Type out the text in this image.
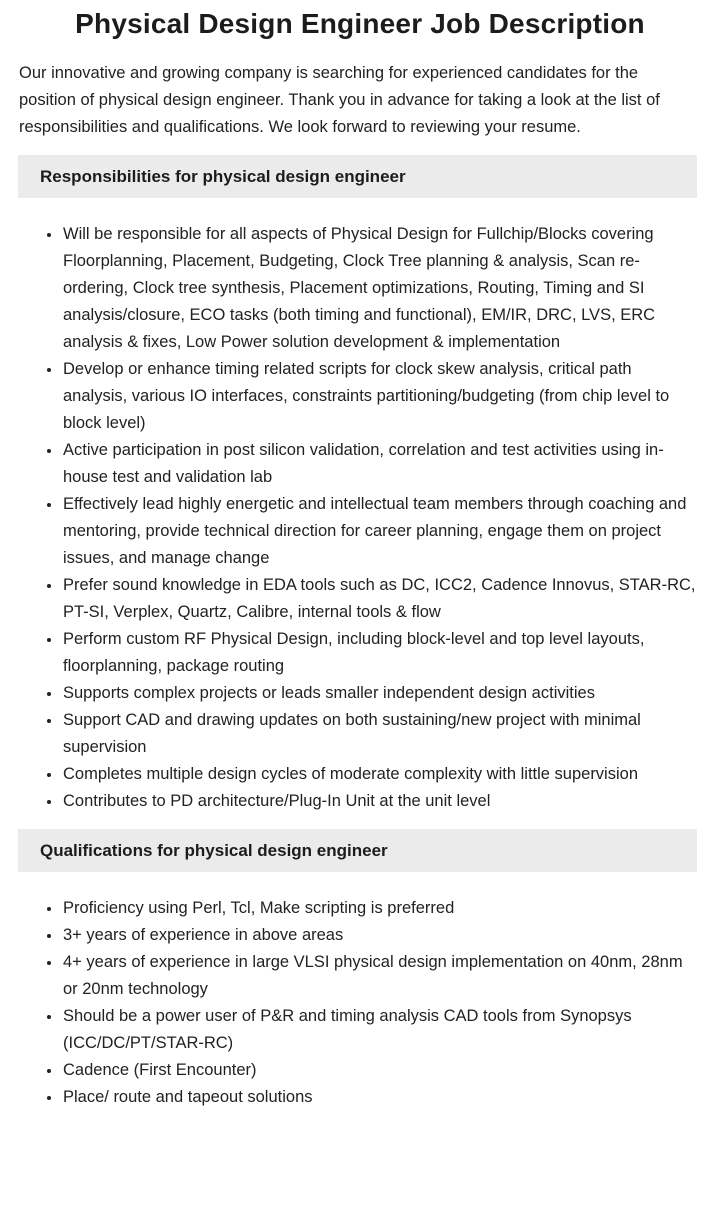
Physical Design Engineer Job Description

Our innovative and growing company is searching for experienced candidates for the position of physical design engineer. Thank you in advance for taking a look at the list of responsibilities and qualifications. We look forward to reviewing your resume.

Responsibilities for physical design engineer
• Will be responsible for all aspects of Physical Design for Fullchip/Blocks covering Floorplanning, Placement, Budgeting, Clock Tree planning & analysis, Scan re-ordering, Clock tree synthesis, Placement optimizations, Routing, Timing and SI analysis/closure, ECO tasks (both timing and functional), EM/IR, DRC, LVS, ERC analysis & fixes, Low Power solution development & implementation
• Develop or enhance timing related scripts for clock skew analysis, critical path analysis, various IO interfaces, constraints partitioning/budgeting (from chip level to block level)
• Active participation in post silicon validation, correlation and test activities using in-house test and validation lab
• Effectively lead highly energetic and intellectual team members through coaching and mentoring, provide technical direction for career planning, engage them on project issues, and manage change
• Prefer sound knowledge in EDA tools such as DC, ICC2, Cadence Innovus, STAR-RC, PT-SI, Verplex, Quartz, Calibre, internal tools & flow
• Perform custom RF Physical Design, including block-level and top level layouts, floorplanning, package routing
• Supports complex projects or leads smaller independent design activities
• Support CAD and drawing updates on both sustaining/new project with minimal supervision
• Completes multiple design cycles of moderate complexity with little supervision
• Contributes to PD architecture/Plug-In Unit at the unit level
Qualifications for physical design engineer
• Proficiency using Perl, Tcl, Make scripting is preferred
• 3+ years of experience in above areas
• 4+ years of experience in large VLSI physical design implementation on 40nm, 28nm or 20nm technology
• Should be a power user of P&R and timing analysis CAD tools from Synopsys (ICC/DC/PT/STAR-RC)
• Cadence (First Encounter)
• Place/ route and tapeout solutions
